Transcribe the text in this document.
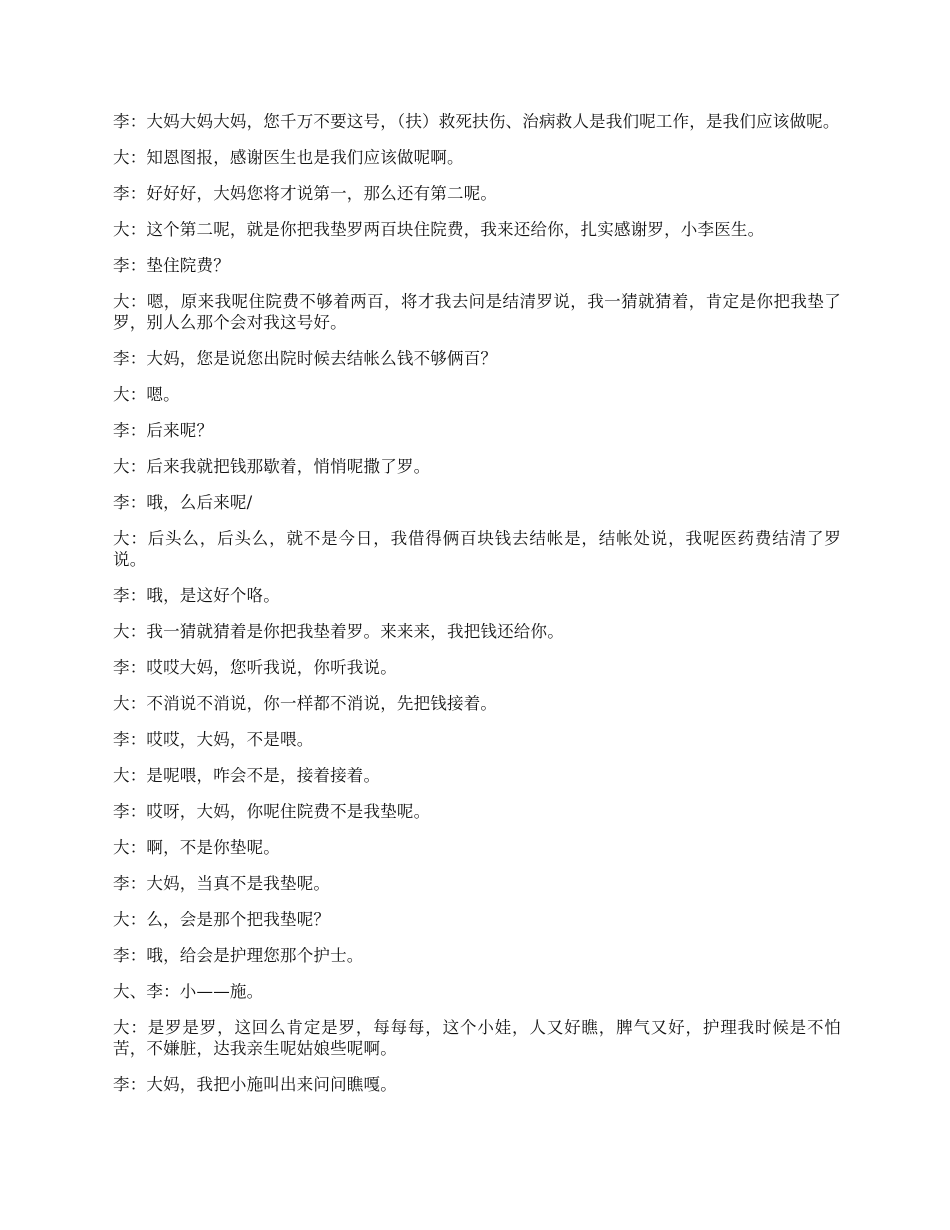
李：大妈大妈大妈，您千万不要这号，（扶）救死扶伤、治病救人是我们呢工作，是我们应该做呢。

大：知恩图报，感谢医生也是我们应该做呢啊。

李：好好好，大妈您将才说第一，那么还有第二呢。

大：这个第二呢，就是你把我垫罗两百块住院费，我来还给你，扎实感谢罗，小李医生。

李：垫住院费？

大：嗯，原来我呢住院费不够着两百，将才我去问是结清罗说，我一猜就猜着，肯定是你把我垫了罗，别人么那个会对我这号好。

李：大妈，您是说您出院时候去结帐么钱不够俩百？

大：嗯。

李：后来呢？

大：后来我就把钱那歇着，悄悄呢撒了罗。

李：哦，么后来呢/

大：后头么，后头么，就不是今日，我借得俩百块钱去结帐是，结帐处说，我呢医药费结清了罗说。

李：哦，是这好个咯。

大：我一猜就猜着是你把我垫着罗。来来来，我把钱还给你。

李：哎哎大妈，您听我说，你听我说。

大：不消说不消说，你一样都不消说，先把钱接着。

李：哎哎，大妈，不是喂。

大：是呢喂，咋会不是，接着接着。

李：哎呀，大妈，你呢住院费不是我垫呢。

大：啊，不是你垫呢。

李：大妈，当真不是我垫呢。

大：么，会是那个把我垫呢？

李：哦，给会是护理您那个护士。

大、李：小——施。

大：是罗是罗，这回么肯定是罗，每每每，这个小娃，人又好瞧，脾气又好，护理我时候是不怕苦，不嫌脏，达我亲生呢姑娘些呢啊。

李：大妈，我把小施叫出来问问瞧嘎。
